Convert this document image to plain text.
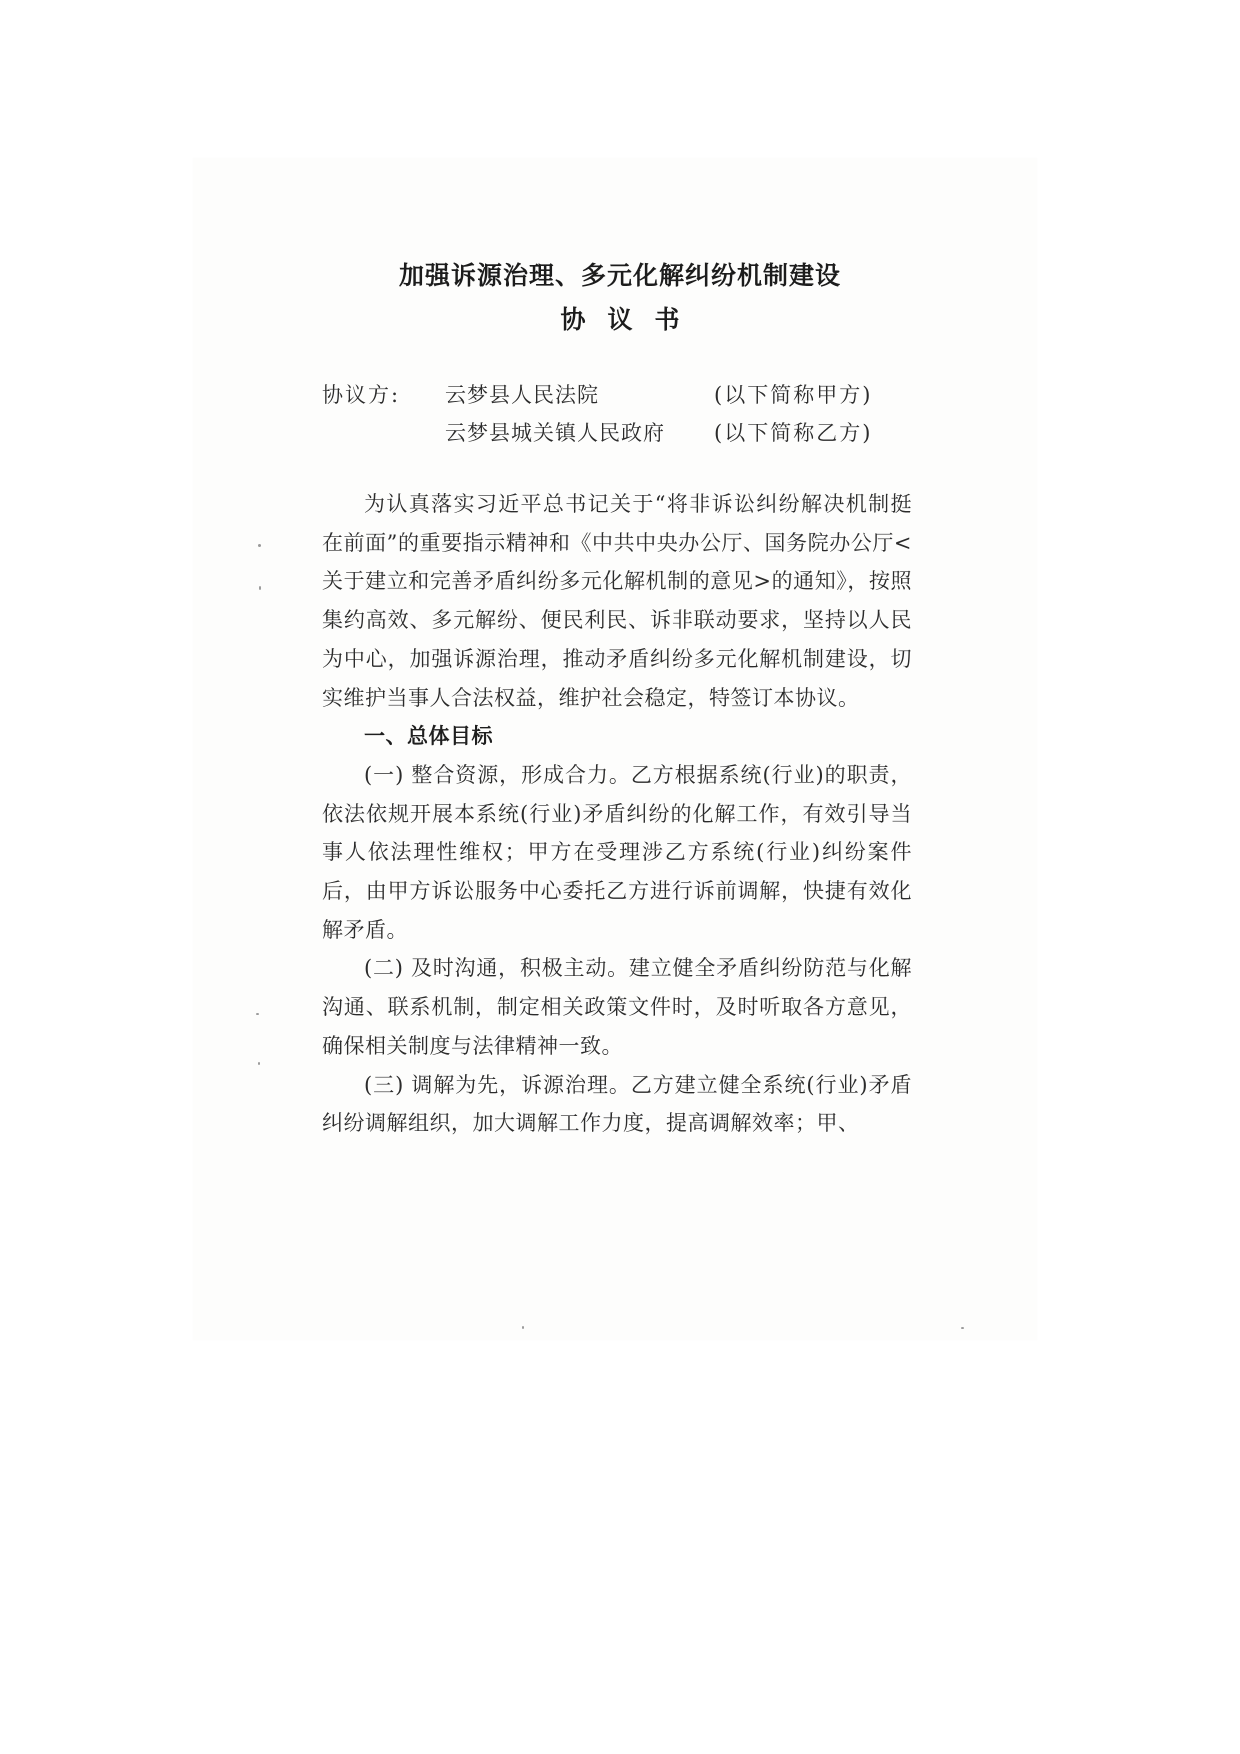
加强诉源治理、多元化解纠纷机制建设
协议书
协议方: 云梦县人民法院	(以下简称甲方)
云梦县城关镇人民政府 (以下简称乙方)

为认真落实习近平总书记关于“将非诉讼纠纷解决机制挺在前面”的重要指示精神和《中共中央办公厅、国务院办公厅<关于建立和完善矛盾纠纷多元化解机制的意见>的通知》，按照集约高效、多元解纷、便民利民、诉非联动要求，坚持以人民为中心，加强诉源治理，推动矛盾纠纷多元化解机制建设，切实维护当事人合法权益，维护社会稳定，特签订本协议。

一、总体目标

(一) 整合资源，形成合力。乙方根据系统(行业)的职责，依法依规开展本系统(行业)矛盾纠纷的化解工作，有效引导当事人依法理性维权；甲方在受理涉乙方系统(行业)纠纷案件后，由甲方诉讼服务中心委托乙方进行诉前调解，快捷有效化解矛盾。

(二) 及时沟通，积极主动。建立健全矛盾纠纷防范与化解沟通、联系机制，制定相关政策文件时，及时听取各方意见，确保相关制度与法律精神一致。

(三) 调解为先，诉源治理。乙方建立健全系统(行业)矛盾纠纷调解组织，加大调解工作力度，提高调解效率；甲、
